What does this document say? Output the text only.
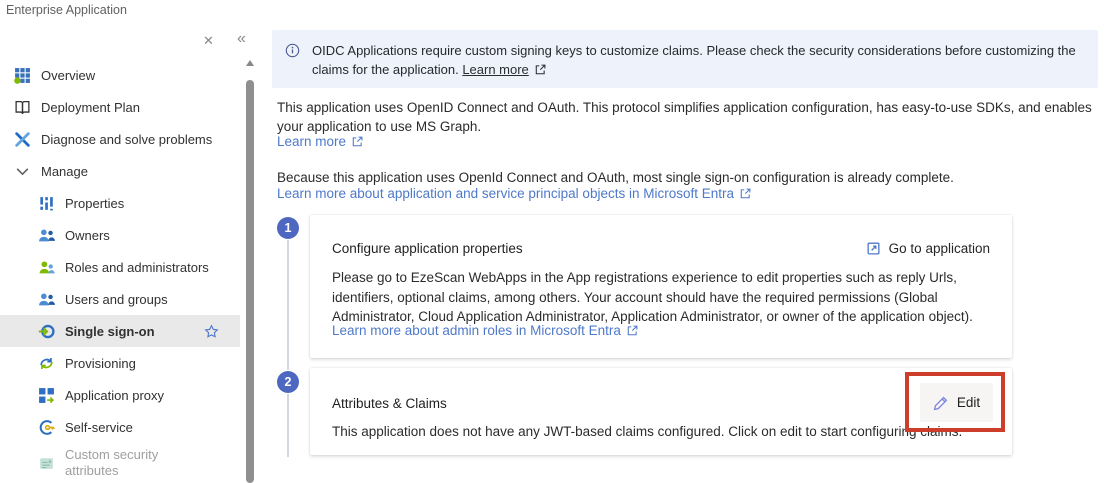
Enterprise Application
✕ «
Overview
Deployment Plan
Diagnose and solve problems
Manage
Properties
Owners
Roles and administrators
Users and groups
Single sign-on
Provisioning
Application proxy
Self-service
Custom security attributes
OIDC Applications require custom signing keys to customize claims. Please check the security considerations before customizing the claims for the application. Learn more

This application uses OpenID Connect and OAuth. This protocol simplifies application configuration, has easy-to-use SDKs, and enables your application to use MS Graph.

Learn more

Because this application uses OpenId Connect and OAuth, most single sign-on configuration is already complete.

Learn more about application and service principal objects in Microsoft Entra
1
Configure application properties	Go to application

Please go to EzeScan WebApps in the App registrations experience to edit properties such as reply Urls, identifiers, optional claims, among others. Your account should have the required permissions (Global Administrator, Cloud Application Administrator, Application Administrator, or owner of the application object).

Learn more about admin roles in Microsoft Entra
2
Attributes & Claims

This application does not have any JWT-based claims configured. Click on edit to start configuring claims.

Edit
